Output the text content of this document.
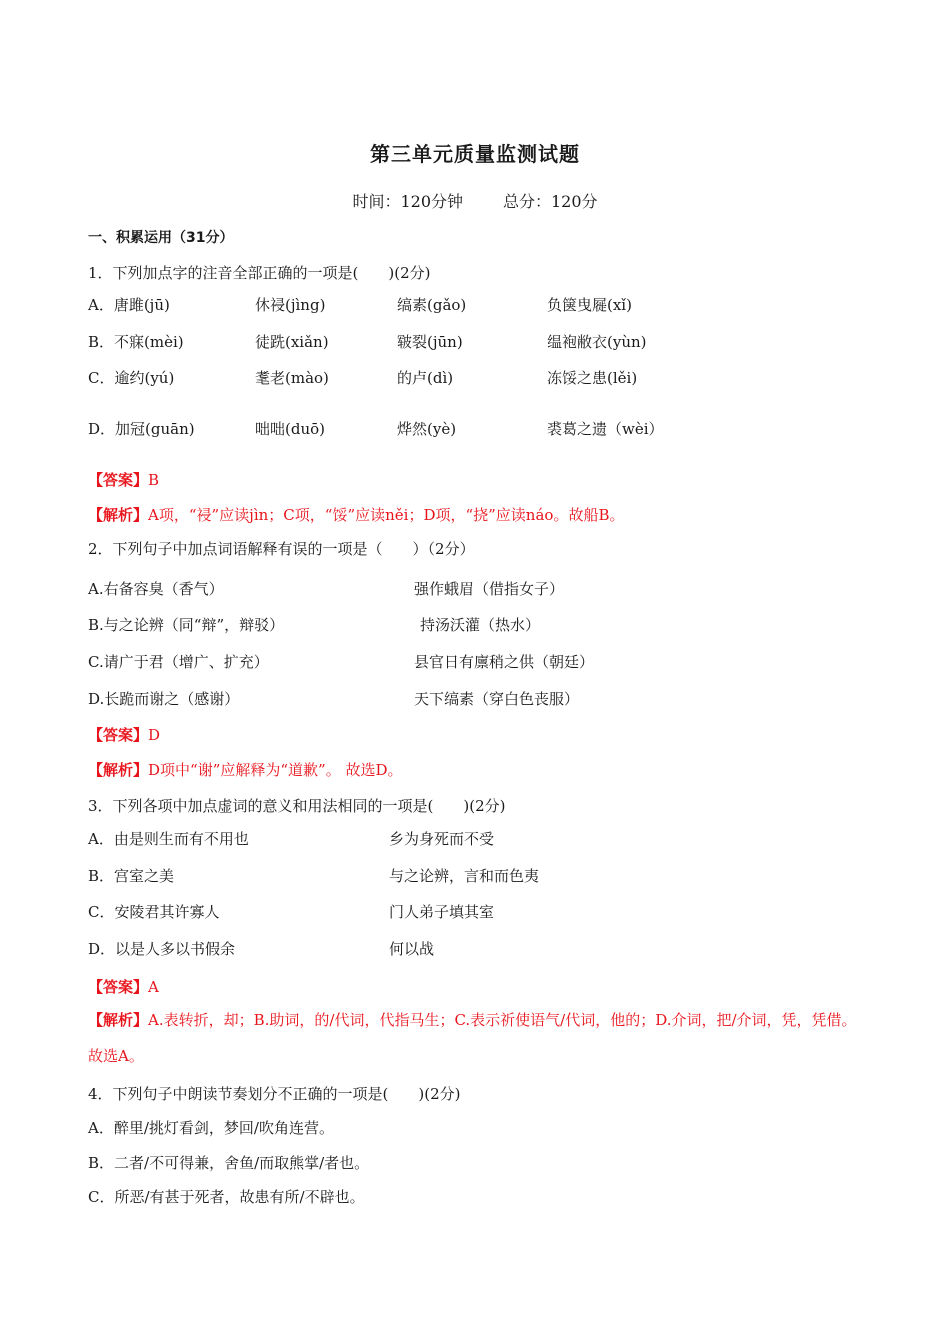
第三单元质量监测试题
时间：120分钟	总分：120分
一、积累运用（31分）
1．下列加点字的注音全部正确的一项是(　　)(2分)
A．唐雎(jū)	休祲(jìng)	缟素(gǎo)	负箧曳屣(xǐ)
B．不寐(mèi)	徒跣(xiǎn)	皲裂(jūn)	缊袍敝衣(yùn)
C．逾约(yú)	耄老(mào)	的卢(dì)	冻馁之患(lěi)
D．加冠(guān)	咄咄(duō)	烨然(yè)	裘葛之遗（wèi）
【答案】B
【解析】A项，“祲”应读jìn；C项，“馁”应读něi；D项，“挠”应读náo。故船B。
2．下列句子中加点词语解释有误的一项是（　　）（2分）
A.右备容臭（香气）	强作蛾眉（借指女子）
B.与之论辨（同“辩”，辩驳）	持汤沃灌（热水）
C.请广于君（增广、扩充）	县官日有廪稍之供（朝廷）
D.长跪而谢之（感谢）	天下缟素（穿白色丧服）
【答案】D
【解析】D项中“谢”应解释为“道歉”。 故选D。
3．下列各项中加点虚词的意义和用法相同的一项是(　　)(2分)
A．由是则生而有不用也	乡为身死而不受
B．宫室之美	与之论辨，言和而色夷
C．安陵君其许寡人	门人弟子填其室
D．以是人多以书假余	何以战
【答案】A
【解析】A.表转折，却；B.助词，的/代词，代指马生；C.表示祈使语气/代词，他的；D.介词，把/介词，凭，凭借。故选A。
4．下列句子中朗读节奏划分不正确的一项是(　　)(2分)
A．醉里/挑灯看剑，梦回/吹角连营。
B．二者/不可得兼，舍鱼/而取熊掌/者也。
C．所恶/有甚于死者，故患有所/不辟也。
